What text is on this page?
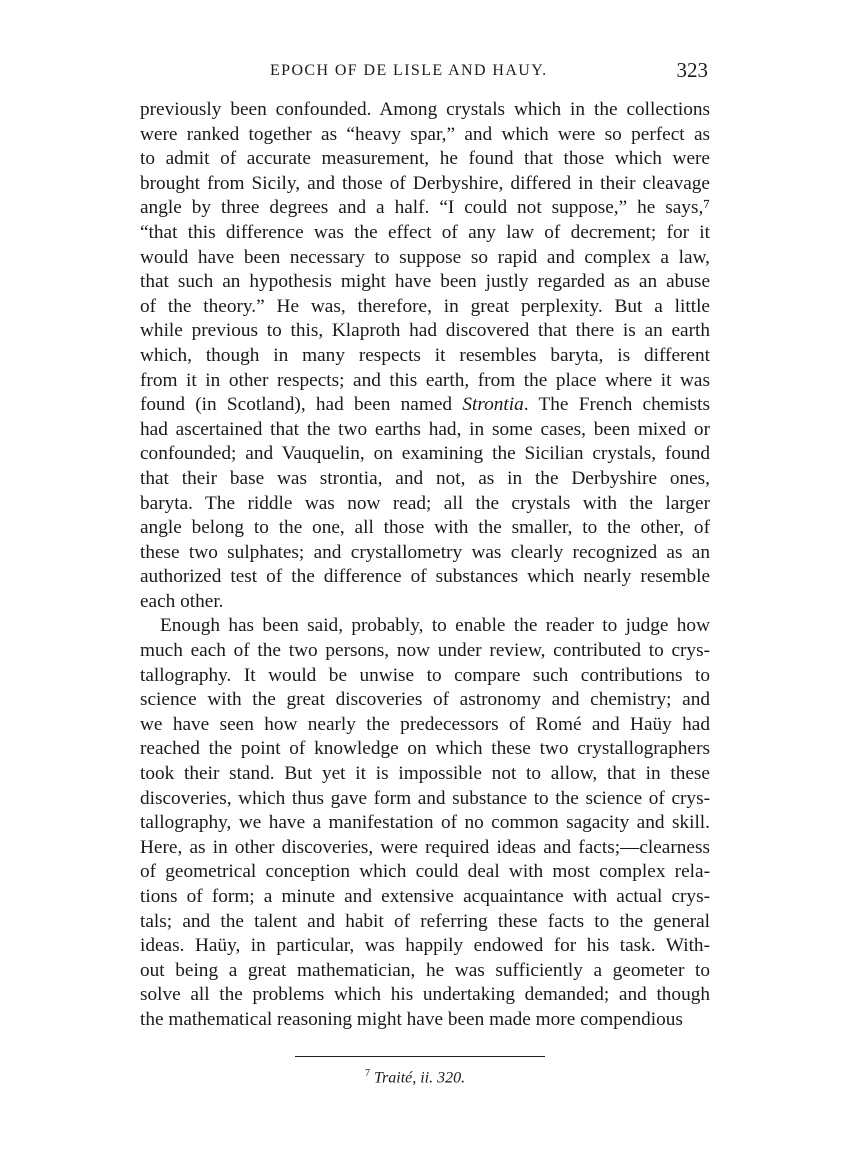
EPOCH OF DE LISLE AND HAUY.	323
previously been confounded. Among crystals which in the collections
were ranked together as “heavy spar,” and which were so perfect as
to admit of accurate measurement, he found that those which were
brought from Sicily, and those of Derbyshire, differed in their cleavage
angle by three degrees and a half. “I could not suppose,” he says,⁷
“that this difference was the effect of any law of decrement; for it
would have been necessary to suppose so rapid and complex a law,
that such an hypothesis might have been justly regarded as an abuse
of the theory.” He was, therefore, in great perplexity. But a little
while previous to this, Klaproth had discovered that there is an earth
which, though in many respects it resembles baryta, is different
from it in other respects; and this earth, from the place where it was
found (in Scotland), had been named Strontia. The French chemists
had ascertained that the two earths had, in some cases, been mixed or
confounded; and Vauquelin, on examining the Sicilian crystals, found
that their base was strontia, and not, as in the Derbyshire ones,
baryta. The riddle was now read; all the crystals with the larger
angle belong to the one, all those with the smaller, to the other, of
these two sulphates; and crystallometry was clearly recognized as an
authorized test of the difference of substances which nearly resemble
each other.
Enough has been said, probably, to enable the reader to judge how
much each of the two persons, now under review, contributed to crys-
tallography. It would be unwise to compare such contributions to
science with the great discoveries of astronomy and chemistry; and
we have seen how nearly the predecessors of Romé and Haüy had
reached the point of knowledge on which these two crystallographers
took their stand. But yet it is impossible not to allow, that in these
discoveries, which thus gave form and substance to the science of crys-
tallography, we have a manifestation of no common sagacity and skill.
Here, as in other discoveries, were required ideas and facts;—clearness
of geometrical conception which could deal with most complex rela-
tions of form; a minute and extensive acquaintance with actual crys-
tals; and the talent and habit of referring these facts to the general
ideas. Haüy, in particular, was happily endowed for his task. With-
out being a great mathematician, he was sufficiently a geometer to
solve all the problems which his undertaking demanded; and though
the mathematical reasoning might have been made more compendious
$^7$ Traité, ii. 320.
